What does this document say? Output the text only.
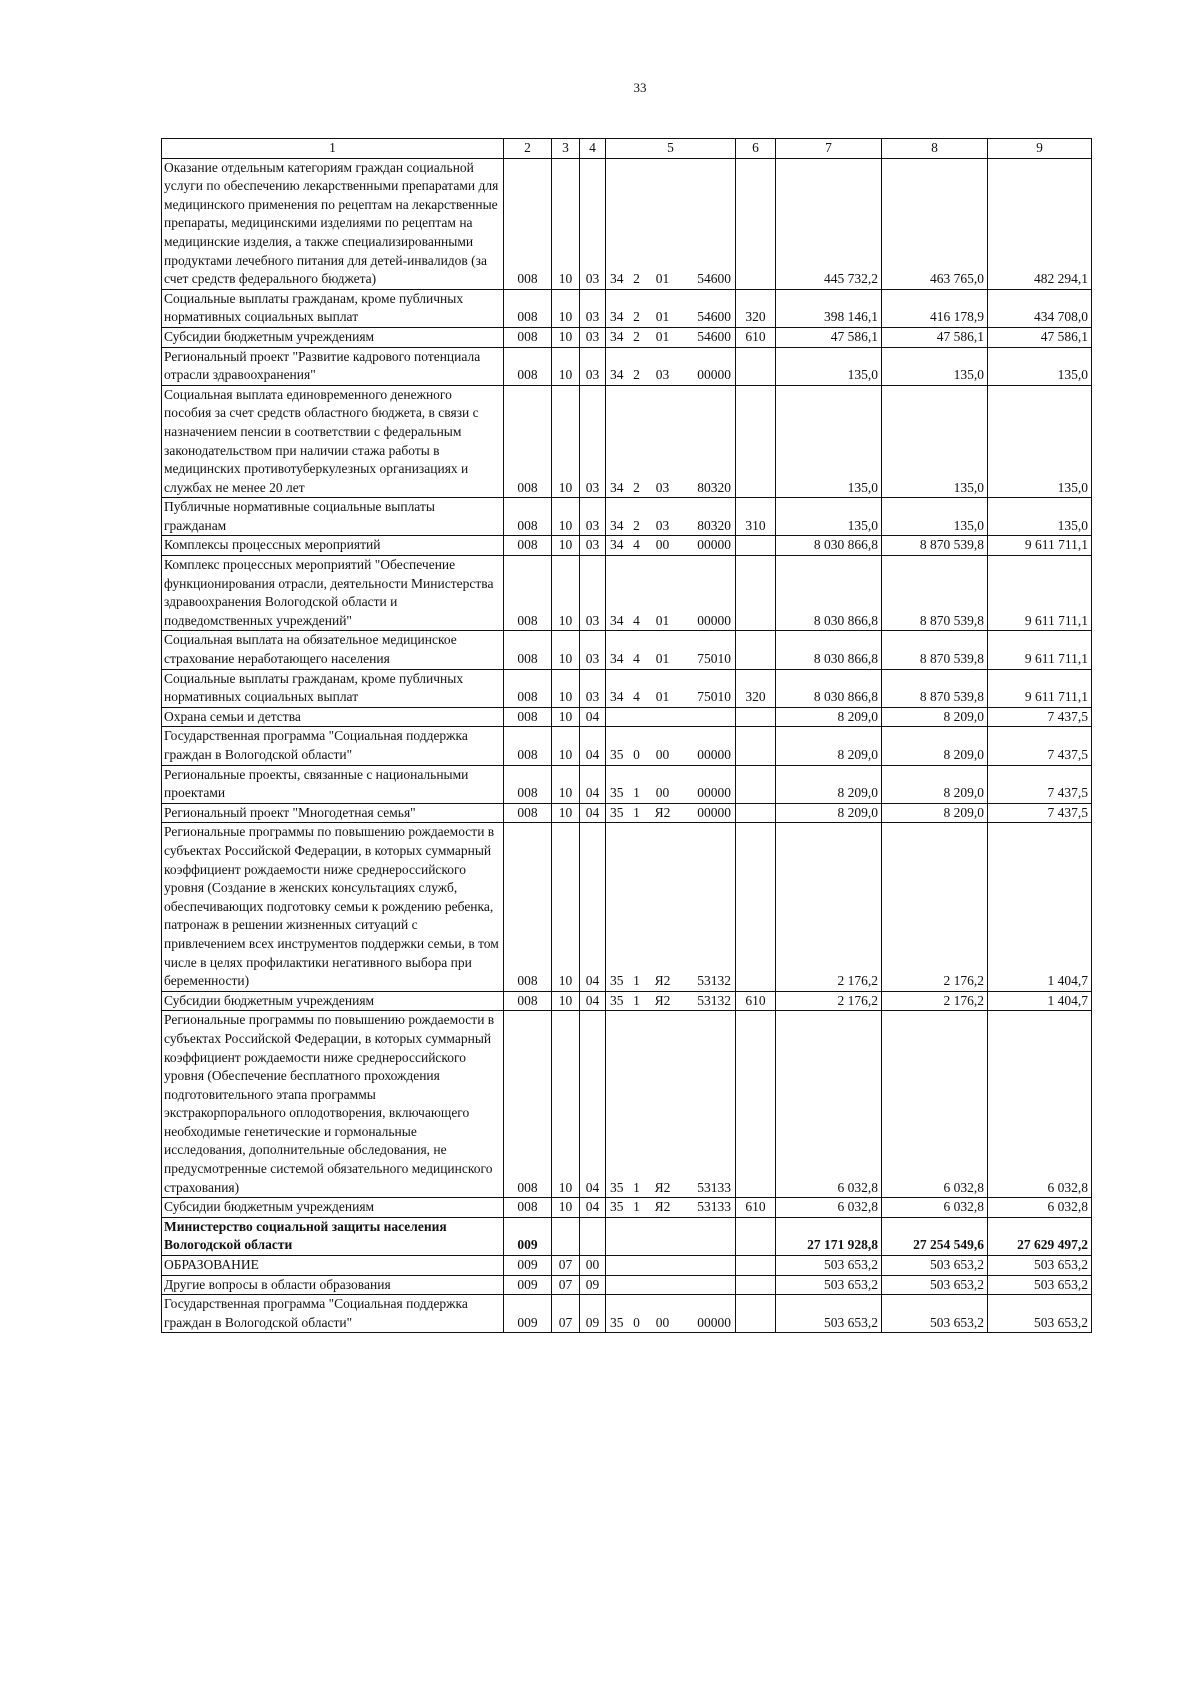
33
1	2	3	4	5				6	7	8	9
Оказание отдельным категориям граждан социальной услуги по обеспечению лекарственными препаратами для медицинского применения по рецептам на лекарственные препараты, медицинскими изделиями по рецептам на медицинские изделия, а также специализированными продуктами лечебного питания для детей-инвалидов (за счет средств федерального бюджета)	008	10	03	34	2	01	54600		445 732,2	463 765,0	482 294,1
Социальные выплаты гражданам, кроме публичных нормативных социальных выплат	008	10	03	34	2	01	54600	320	398 146,1	416 178,9	434 708,0
Субсидии бюджетным учреждениям	008	10	03	34	2	01	54600	610	47 586,1	47 586,1	47 586,1
Региональный проект "Развитие кадрового потенциала отрасли здравоохранения"	008	10	03	34	2	03	00000		135,0	135,0	135,0
Социальная выплата единовременного денежного пособия за счет средств областного бюджета, в связи с назначением пенсии в соответствии с федеральным законодательством при наличии стажа работы в медицинских противотуберкулезных организациях и службах не менее 20 лет	008	10	03	34	2	03	80320		135,0	135,0	135,0
Публичные нормативные социальные выплаты гражданам	008	10	03	34	2	03	80320	310	135,0	135,0	135,0
Комплексы процессных мероприятий	008	10	03	34	4	00	00000		8 030 866,8	8 870 539,8	9 611 711,1
Комплекс процессных мероприятий "Обеспечение функционирования отрасли, деятельности Министерства здравоохранения Вологодской области и подведомственных учреждений"	008	10	03	34	4	01	00000		8 030 866,8	8 870 539,8	9 611 711,1
Социальная выплата на обязательное медицинское страхование неработающего населения	008	10	03	34	4	01	75010		8 030 866,8	8 870 539,8	9 611 711,1
Социальные выплаты гражданам, кроме публичных нормативных социальных выплат	008	10	03	34	4	01	75010	320	8 030 866,8	8 870 539,8	9 611 711,1
Охрана семьи и детства	008	10	04						8 209,0	8 209,0	7 437,5
Государственная программа "Социальная поддержка граждан в Вологодской области"	008	10	04	35	0	00	00000		8 209,0	8 209,0	7 437,5
Региональные проекты, связанные с национальными проектами	008	10	04	35	1	00	00000		8 209,0	8 209,0	7 437,5
Региональный проект "Многодетная семья"	008	10	04	35	1	Я2	00000		8 209,0	8 209,0	7 437,5
Региональные программы по повышению рождаемости в субъектах Российской Федерации, в которых суммарный коэффициент рождаемости ниже среднероссийского уровня (Создание в женских консультациях служб, обеспечивающих подготовку семьи к рождению ребенка, патронаж в решении жизненных ситуаций с привлечением всех инструментов поддержки семьи, в том числе в целях профилактики негативного выбора при беременности)	008	10	04	35	1	Я2	53132		2 176,2	2 176,2	1 404,7
Субсидии бюджетным учреждениям	008	10	04	35	1	Я2	53132	610	2 176,2	2 176,2	1 404,7
Региональные программы по повышению рождаемости в субъектах Российской Федерации, в которых суммарный коэффициент рождаемости ниже среднероссийского уровня (Обеспечение бесплатного прохождения подготовительного этапа программы экстракорпорального оплодотворения, включающего необходимые генетические и гормональные исследования, дополнительные обследования, не предусмотренные системой обязательного медицинского страхования)	008	10	04	35	1	Я2	53133		6 032,8	6 032,8	6 032,8
Субсидии бюджетным учреждениям	008	10	04	35	1	Я2	53133	610	6 032,8	6 032,8	6 032,8
Министерство социальной защиты населения Вологодской области	009								27 171 928,8	27 254 549,6	27 629 497,2
ОБРАЗОВАНИЕ	009	07	00						503 653,2	503 653,2	503 653,2
Другие вопросы в области образования	009	07	09						503 653,2	503 653,2	503 653,2
Государственная программа "Социальная поддержка граждан в Вологодской области"	009	07	09	35	0	00	00000		503 653,2	503 653,2	503 653,2
